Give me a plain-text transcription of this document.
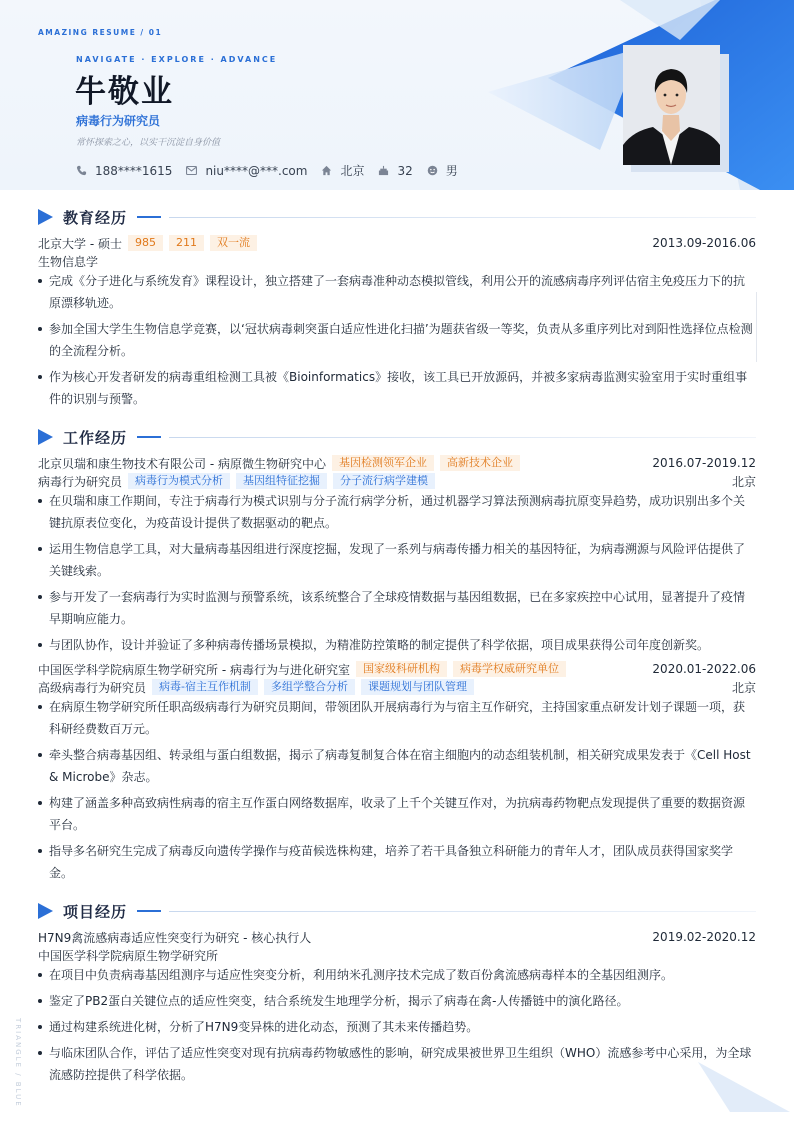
AMAZING RESUME / 01
NAVIGATE · EXPLORE · ADVANCE
牛敬业
病毒行为研究员
常怀探索之心，以实干沉淀自身价值
188****1615	niu****@***.com	北京	32	男
教育经历
北京大学 - 硕士	985	211	双一流	2013.09-2016.06
生物信息学
完成《分子进化与系统发育》课程设计，独立搭建了一套病毒准种动态模拟管线，利用公开的流感病毒序列评估宿主免疫压力下的抗原漂移轨迹。
参加全国大学生生物信息学竞赛，以‘冠状病毒刺突蛋白适应性进化扫描’为题获省级一等奖，负责从多重序列比对到阳性选择位点检测的全流程分析。
作为核心开发者研发的病毒重组检测工具被《Bioinformatics》接收，该工具已开放源码，并被多家病毒监测实验室用于实时重组事件的识别与预警。
工作经历
北京贝瑞和康生物技术有限公司 - 病原微生物研究中心	基因检测领军企业	高新技术企业	2016.07-2019.12
病毒行为研究员	病毒行为模式分析	基因组特征挖掘	分子流行病学建模	北京
在贝瑞和康工作期间，专注于病毒行为模式识别与分子流行病学分析，通过机器学习算法预测病毒抗原变异趋势，成功识别出多个关键抗原表位变化，为疫苗设计提供了数据驱动的靶点。
运用生物信息学工具，对大量病毒基因组进行深度挖掘，发现了一系列与病毒传播力相关的基因特征，为病毒溯源与风险评估提供了关键线索。
参与开发了一套病毒行为实时监测与预警系统，该系统整合了全球疫情数据与基因组数据，已在多家疾控中心试用，显著提升了疫情早期响应能力。
与团队协作，设计并验证了多种病毒传播场景模拟，为精准防控策略的制定提供了科学依据，项目成果获得公司年度创新奖。
中国医学科学院病原生物学研究所 - 病毒行为与进化研究室	国家级科研机构	病毒学权威研究单位	2020.01-2022.06
高级病毒行为研究员	病毒-宿主互作机制	多组学整合分析	课题规划与团队管理	北京
在病原生物学研究所任职高级病毒行为研究员期间，带领团队开展病毒行为与宿主互作研究，主持国家重点研发计划子课题一项，获科研经费数百万元。
牵头整合病毒基因组、转录组与蛋白组数据，揭示了病毒复制复合体在宿主细胞内的动态组装机制，相关研究成果发表于《Cell Host & Microbe》杂志。
构建了涵盖多种高致病性病毒的宿主互作蛋白网络数据库，收录了上千个关键互作对，为抗病毒药物靶点发现提供了重要的数据资源平台。
指导多名研究生完成了病毒反向遗传学操作与疫苗候选株构建，培养了若干具备独立科研能力的青年人才，团队成员获得国家奖学金。
项目经历
H7N9禽流感病毒适应性突变行为研究 - 核心执行人	2019.02-2020.12
中国医学科学院病原生物学研究所
在项目中负责病毒基因组测序与适应性突变分析，利用纳米孔测序技术完成了数百份禽流感病毒样本的全基因组测序。
鉴定了PB2蛋白关键位点的适应性突变，结合系统发生地理学分析，揭示了病毒在禽-人传播链中的演化路径。
通过构建系统进化树，分析了H7N9变异株的进化动态，预测了其未来传播趋势。
与临床团队合作，评估了适应性突变对现有抗病毒药物敏感性的影响，研究成果被世界卫生组织（WHO）流感参考中心采用，为全球流感防控提供了科学依据。
TRIANGLE / BLUE
